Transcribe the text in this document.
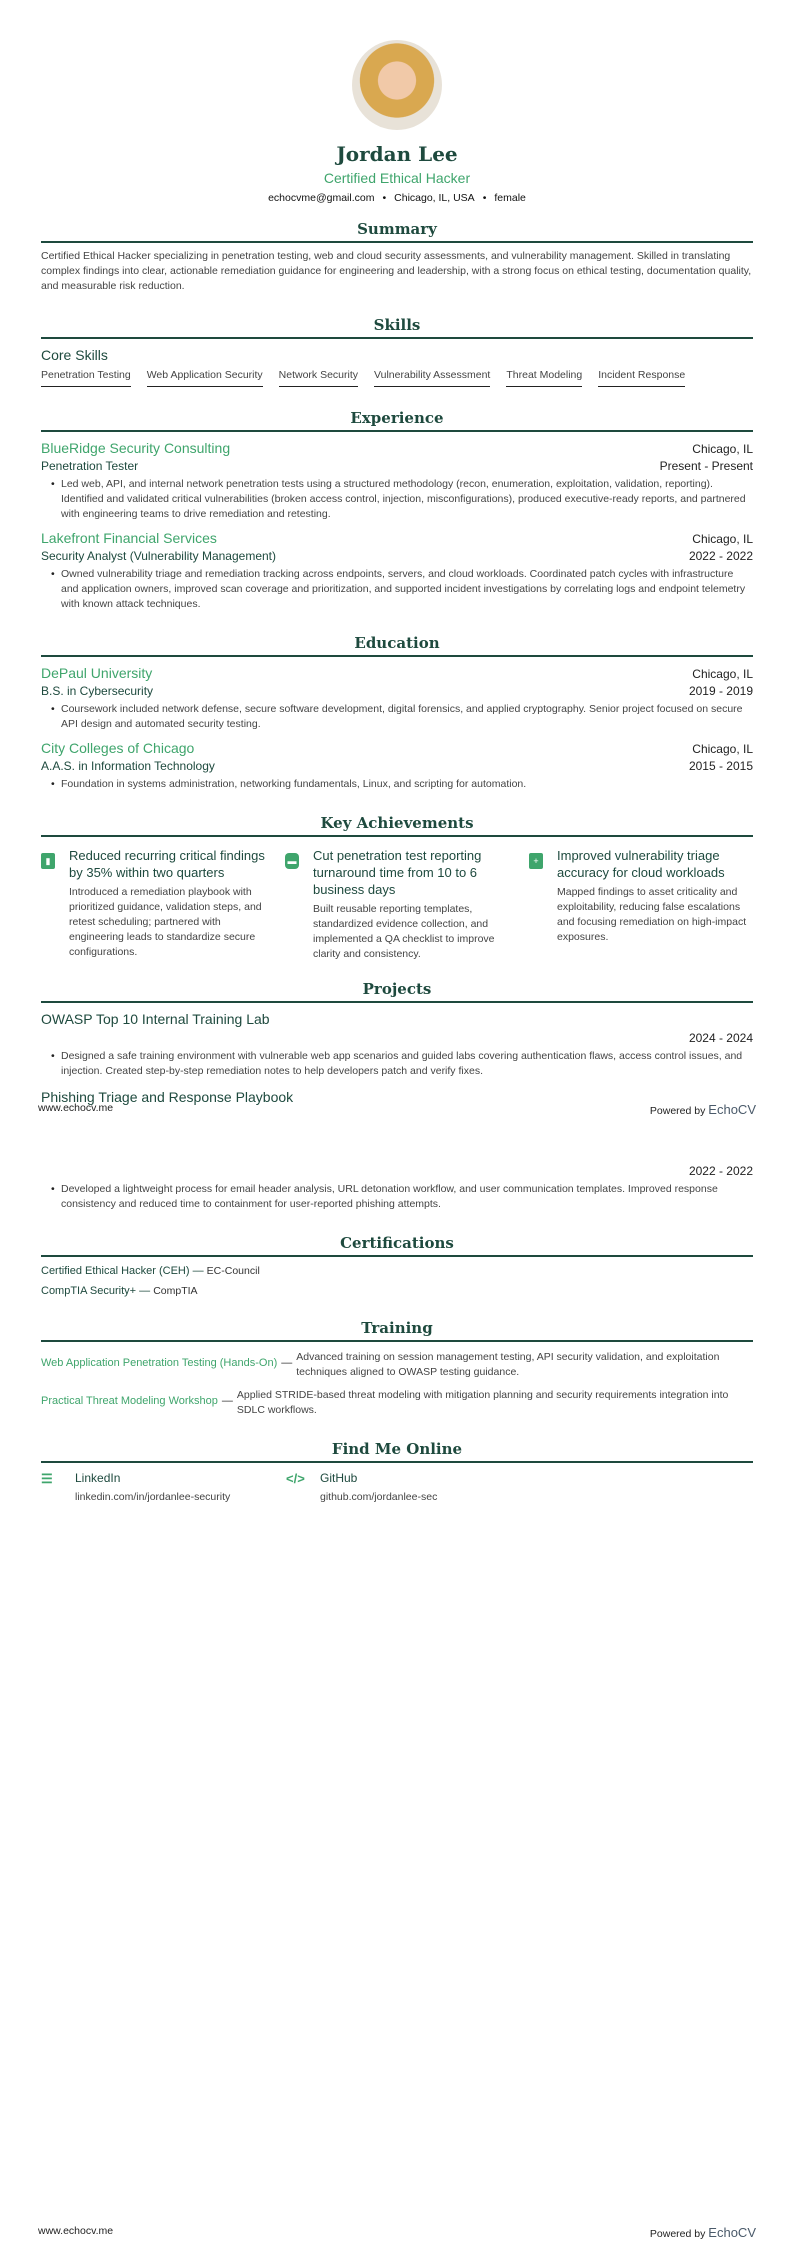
Jordan Lee
Certified Ethical Hacker
echocvme@gmail.com • Chicago, IL, USA • female
Summary
Certified Ethical Hacker specializing in penetration testing, web and cloud security assessments, and vulnerability management. Skilled in translating complex findings into clear, actionable remediation guidance for engineering and leadership, with a strong focus on ethical testing, documentation quality, and measurable risk reduction.
Skills
Core Skills
Penetration Testing Web Application Security Network Security Vulnerability Assessment Threat Modeling Incident Response
Experience
BlueRidge Security Consulting	Chicago, IL
Penetration Tester	Present - Present
• Led web, API, and internal network penetration tests using a structured methodology (recon, enumeration, exploitation, validation, reporting). Identified and validated critical vulnerabilities (broken access control, injection, misconfigurations), produced executive-ready reports, and partnered with engineering teams to drive remediation and retesting.
Lakefront Financial Services	Chicago, IL
Security Analyst (Vulnerability Management)	2022 - 2022
• Owned vulnerability triage and remediation tracking across endpoints, servers, and cloud workloads. Coordinated patch cycles with infrastructure and application owners, improved scan coverage and prioritization, and supported incident investigations by correlating logs and endpoint telemetry with known attack techniques.
Education
DePaul University	Chicago, IL
B.S. in Cybersecurity	2019 - 2019
• Coursework included network defense, secure software development, digital forensics, and applied cryptography. Senior project focused on secure API design and automated security testing.
City Colleges of Chicago	Chicago, IL
A.A.S. in Information Technology	2015 - 2015
• Foundation in systems administration, networking fundamentals, Linux, and scripting for automation.
Key Achievements
▮	Reduced recurring critical findings by 35% within two quarters
Introduced a remediation playbook with prioritized guidance, validation steps, and retest scheduling; partnered with engineering leads to standardize secure configurations.
▬ Cut penetration test reporting turnaround time from 10 to 6 business days
Built reusable reporting templates, standardized evidence collection, and implemented a QA checklist to improve clarity and consistency.
+	Improved vulnerability triage accuracy for cloud workloads
Mapped findings to asset criticality and exploitability, reducing false escalations and focusing remediation on high-impact exposures.
Projects
OWASP Top 10 Internal Training Lab
2024 - 2024
• Designed a safe training environment with vulnerable web app scenarios and guided labs covering authentication flaws, access control issues, and injection. Created step-by-step remediation notes to help developers patch and verify fixes.
Phishing Triage and Response Playbook
www.echocv.me	Powered by EchoCV
2022 - 2022
• Developed a lightweight process for email header analysis, URL detonation workflow, and user communication templates. Improved response consistency and reduced time to containment for user-reported phishing attempts.
Certifications
Certified Ethical Hacker (CEH) — EC-Council
CompTIA Security+ — CompTIA
Training
Web Application Penetration Testing (Hands-On) — Advanced training on session management testing, API security validation, and exploitation techniques aligned to OWASP testing guidance.
Practical Threat Modeling Workshop — Applied STRIDE-based threat modeling with mitigation planning and security requirements integration into SDLC workflows.
Find Me Online
☰	LinkedIn
linkedin.com/in/jordanlee-security
</> GitHub
github.com/jordanlee-sec
www.echocv.me	Powered by EchoCV
